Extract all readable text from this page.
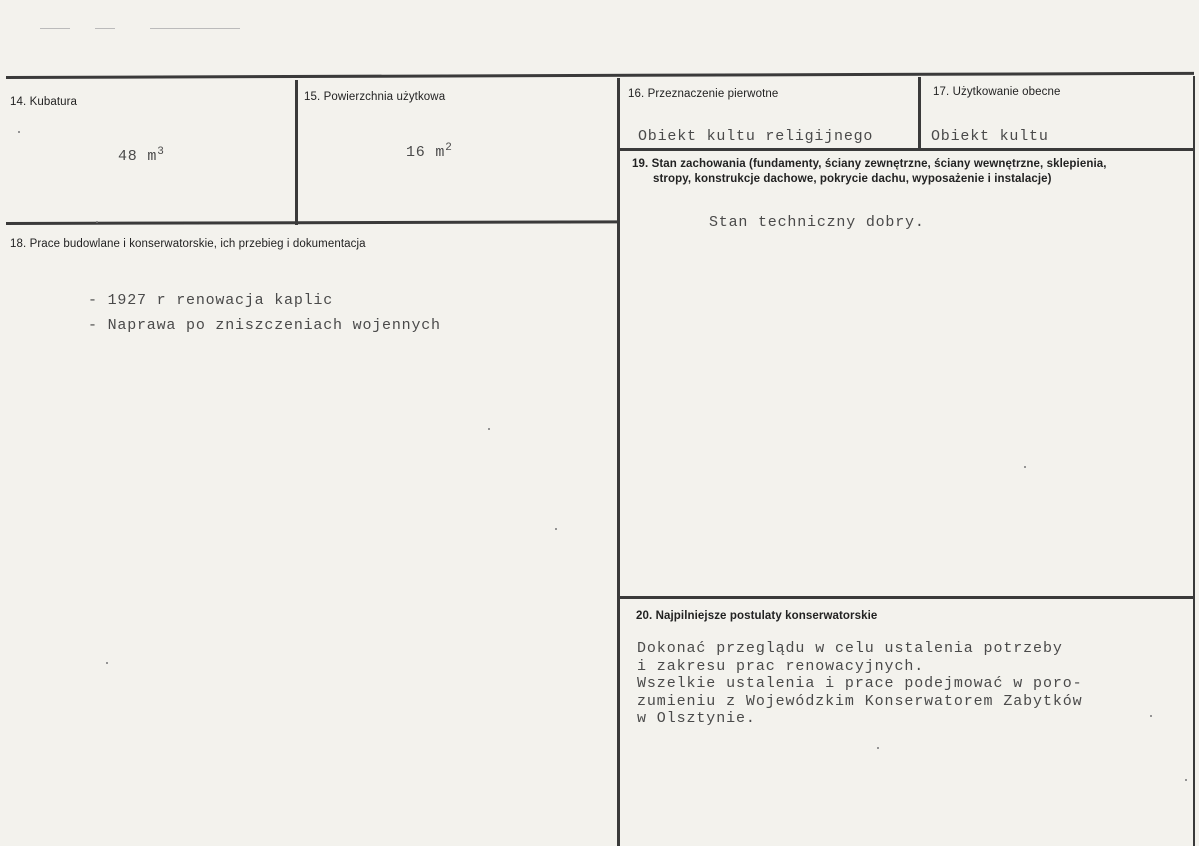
14. Kubatura
48 $m^3$
15. Powierzchnia użytkowa
16 $m^2$
16. Przeznaczenie pierwotne
Obiekt kultu religijnego
17. Użytkowanie obecne
Obiekt kultu
18. Prace budowlane i konserwatorskie, ich przebieg i dokumentacja
- 1927 r renowacja kaplic
- Naprawa po zniszczeniach wojennych
19. Stan zachowania (fundamenty, ściany zewnętrzne, ściany wewnętrzne, sklepienia,
stropy, konstrukcje dachowe, pokrycie dachu, wyposażenie i instalacje)
Stan techniczny dobry.
20. Najpilniejsze postulaty konserwatorskie
Dokonać przeglądu w celu ustalenia potrzeby
i zakresu prac renowacyjnych.
Wszelkie ustalenia i prace podejmować w poro-
zumieniu z Wojewódzkim Konserwatorem Zabytków
w Olsztynie.
